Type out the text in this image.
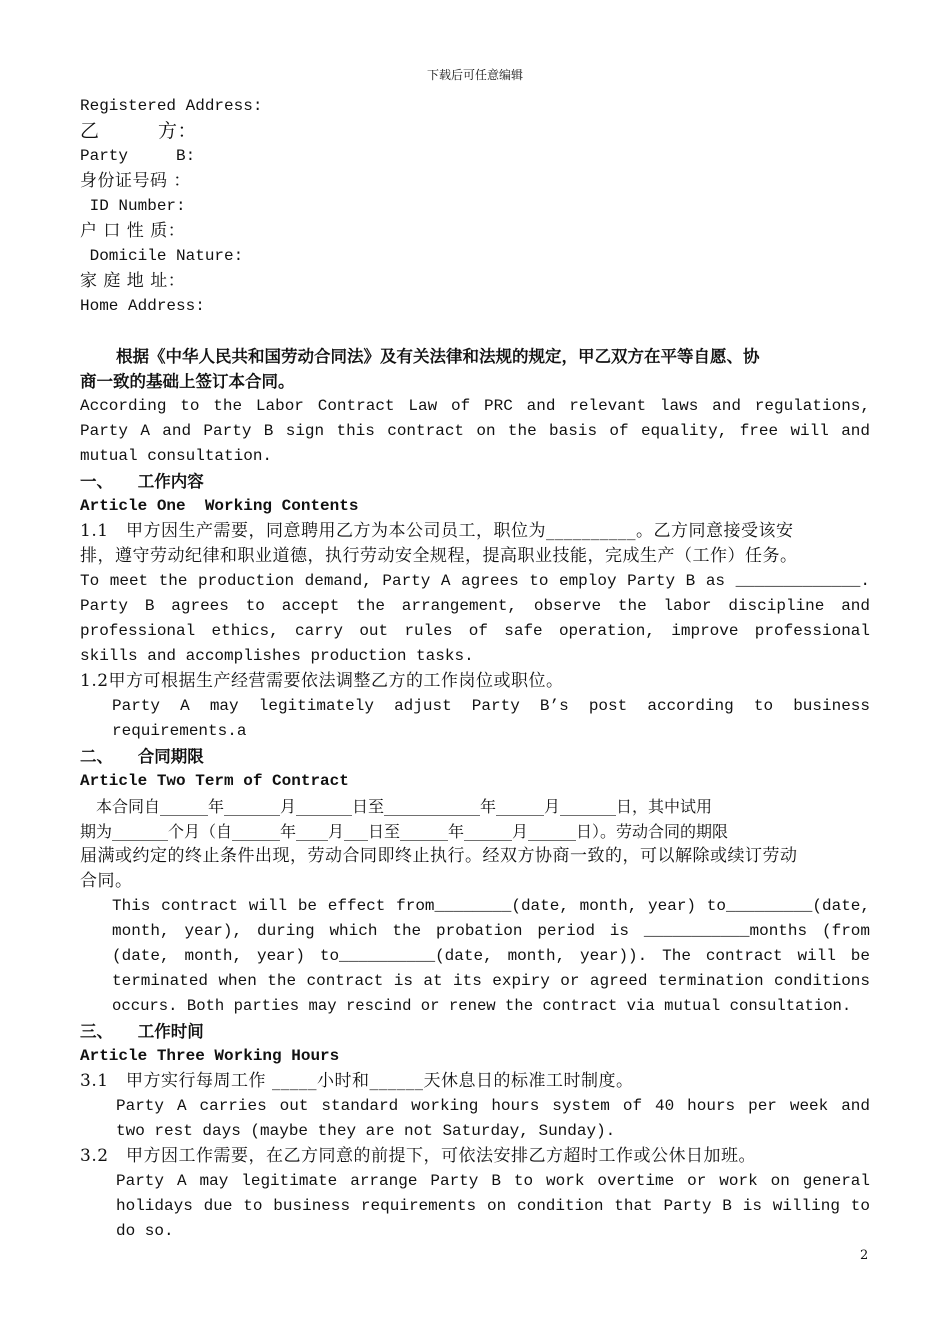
下载后可任意编辑
Registered Address:
乙　　　方：
Party     B:
身份证号码 ：
ID Number:
户 口 性 质：
Domicile Nature:
家 庭 地 址：
Home Address:
根据《中华人民共和国劳动合同法》及有关法律和法规的规定，甲乙双方在平等自愿、协
商一致的基础上签订本合同。
According to the Labor Contract Law of PRC and relevant laws and regulations,
Party A and Party B sign this contract on the basis of equality, free will and
mutual consultation.
一、　　工作内容
Article One  Working Contents
1.1　甲方因生产需要，同意聘用乙方为本公司员工，职位为__________。乙方同意接受该安
排，遵守劳动纪律和职业道德，执行劳动安全规程，提高职业技能，完成生产（工作）任务。
To meet the production demand, Party A agrees to employ Party B as _____________.
Party B agrees to accept the arrangement, observe the labor discipline and
professional ethics, carry out rules of safe operation, improve professional
skills and accomplishes production tasks.
1.2甲方可根据生产经营需要依法调整乙方的工作岗位或职位。
Party A may legitimately adjust Party B’s post according to business
requirements.a
二、　　合同期限
Article Two Term of Contract
　本合同自______年_______月_______日至____________年______月_______日，其中试用
期为_______个月（自______年____月___日至______年______月______日）。劳动合同的期限
届满或约定的终止条件出现，劳动合同即终止执行。经双方协商一致的，可以解除或续订劳动
合同。
This contract will be effect from________(date, month, year) to_________(date,
month, year), during which the probation period is ___________months (from
(date, month, year) to__________(date, month, year)). The contract will be
terminated when the contract is at its expiry or agreed termination conditions
occurs. Both parties may rescind or renew the contract via mutual consultation.
三、　　工作时间
Article Three Working Hours
3.1　甲方实行每周工作 _____小时和______天休息日的标准工时制度。
Party A carries out standard working hours system of 40 hours per week and
two rest days (maybe they are not Saturday, Sunday).
3.2　甲方因工作需要，在乙方同意的前提下，可依法安排乙方超时工作或公休日加班。
Party A may legitimate arrange Party B to work overtime or work on general
holidays due to business requirements on condition that Party B is willing to
do so.
2
